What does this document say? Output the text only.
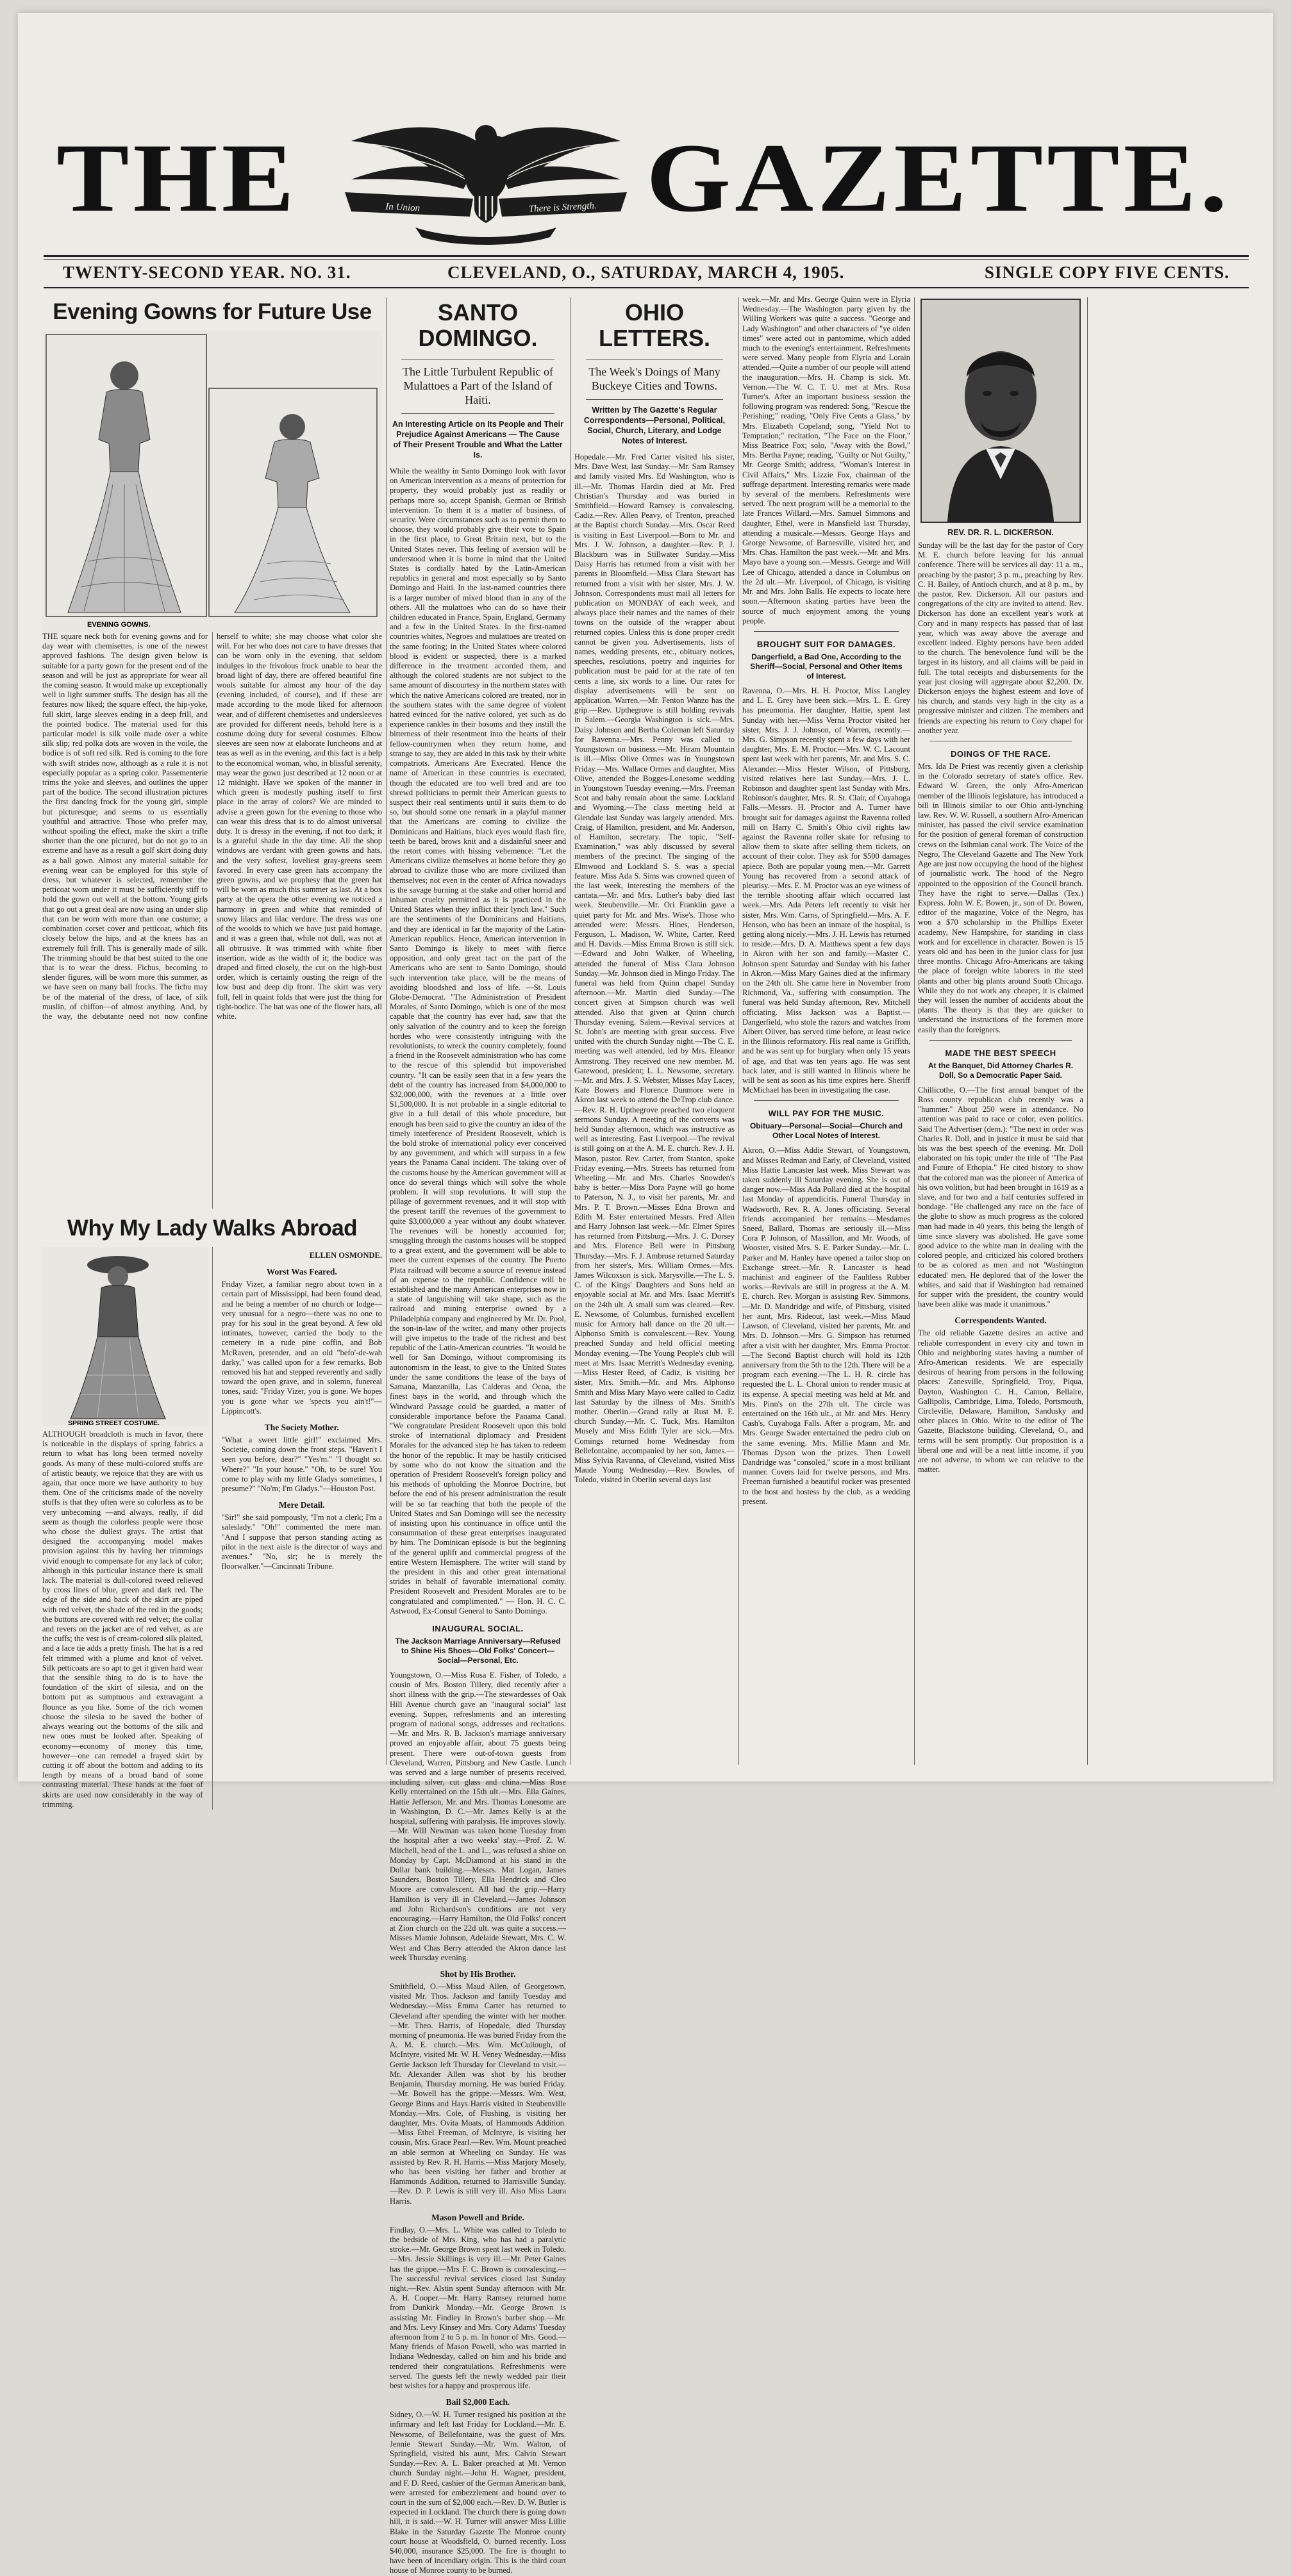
THE	In Union	There is Strength. GAZETTE.
TWENTY-SECOND YEAR. NO. 31.	CLEVELAND, O., SATURDAY, MARCH 4, 1905.	SINGLE COPY FIVE CENTS.
Evening Gowns for Future Use
EVENING GOWNS.

THE square neck both for evening gowns and for day wear with chemisettes, is one of the newest approved fashions. The design given below is suitable for a party gown for the present end of the season and will be just as appropriate for wear all the coming season. It would make up exceptionally well in light summer stuffs. The design has all the features now liked; the square effect, the hip-yoke, full skirt, large sleeves ending in a deep frill, and the pointed bodice. The material used for this particular model is silk voile made over a white silk slip; red polka dots are woven in the voile, the bodice is of soft red silk. Red is coming to the fore with swift strides now, although as a rule it is not especially popular as a spring color. Passementerie trims the yoke and sleeves, and outlines the upper part of the bodice. The second illustration pictures the first dancing frock for the young girl, simple but picturesque; and seems to us essentially youthful and attractive. Those who prefer may, without spoiling the effect, make the skirt a trifle shorter than the one pictured, but do not go to an extreme and have as a result a golf skirt doing duty as a ball gown. Almost any material suitable for evening wear can be employed for this style of dress, but whatever is selected, remember the petticoat worn under it must be sufficiently stiff to hold the gown out well at the bottom. Young girls that go out a great deal are now using an under slip that can be worn with more than one costume; a combination corset cover and petticoat, which fits closely below the hips, and at the knees has an extremely full frill. This is generally made of silk. The trimming should be that best suited to the one that is to wear the dress. Fichus, becoming to slender figures, will be worn more this summer, as we have seen on many ball frocks. The fichu may be of the material of the dress, of lace, of silk muslin, of chiffon—of almost anything. And, by the way, the debutante need not now confine herself to white; she may choose what color she will. For her who does not care to have dresses that can be worn only in the evening, that seldom indulges in the frivolous frock unable to bear the broad light of day, there are offered beautiful fine wools suitable for almost any hour of the day (evening included, of course), and if these are made according to the mode liked for afternoon wear, and of different chemisettes and undersleeves are provided for different needs, behold here is a costume doing duty for several costumes. Elbow sleeves are seen now at elaborate luncheons and at teas as well as in the evening, and this fact is a help to the economical woman, who, in blissful serenity, may wear the gown just described at 12 noon or at 12 midnight. Have we spoken of the manner in which green is modestly pushing itself to first place in the array of colors? We are minded to advise a green gown for the evening to those who can wear this dress that is to do almost universal duty. It is dressy in the evening, if not too dark; it is a grateful shade in the day time. All the shop windows are verdant with green gowns and hats, and the very softest, loveliest gray-greens seem favored. In every case green hats accompany the green gowns, and we prophesy that the green hat will be worn as much this summer as last. At a box party at the opera the other evening we noticed a harmony in green and white that reminded of snowy lilacs and lilac verdure. The dress was one of the woolds to which we have just paid homage, and it was a green that, while not dull, was not at all obtrusive. It was trimmed with white fiber insertion, wide as the width of it; the bodice was draped and fitted closely, the cut on the high-bust order, which is certainly ousting the reign of the low bust and deep dip front. The skirt was very full, fell in quaint folds that were just the thing for tight-bodice. The hat was one of the flower hats, all white.

Why My Lady Walks Abroad
SPRING STREET COSTUME.

ALTHOUGH broadcloth is much in favor, there is noticeable in the displays of spring fabrics a return to what has long been termed novelty goods. As many of these multi-colored stuffs are of artistic beauty, we rejoice that they are with us again, that once more we have authority to buy them. One of the criticisms made of the novelty stuffs is that they often were so colorless as to be very unbecoming —and always, really, if did seem as though the colorless people were those who chose the dullest grays. The artist that designed the accompanying model makes provision against this by having her trimmings vivid enough to compensate for any lack of color; although in this particular instance there is small lack. The material is dull-colored tweed relieved by cross lines of blue, green and dark red. The edge of the side and back of the skirt are piped with red velvet, the shade of the red in the goods; the buttons are covered with red velvet; the collar and revers on the jacket are of red velvet, as are the cuffs; the vest is of cream-colored silk plaited, and a lace tie adds a pretty finish. The hat is a red felt trimmed with a plume and knot of velvet. Silk petticoats are so apt to get it given hard wear that the sensible thing to do is to have the foundation of the skirt of silesia, and on the bottom put as sumptuous and extravagant a flounce as you like. Some of the rich women choose the silesia to be saved the bother of always wearing out the bottoms of the silk and new ones must be looked after. Speaking of economy—economy of money this time, however—one can remodel a frayed skirt by cutting it off about the bottom and adding to its length by means of a broad band of some contrasting material. These bands at the foot of skirts are used now considerably in the way of trimming.

ELLEN OSMONDE.

Worst Was Feared.

Friday Vizer, a familiar negro about town in a certain part of Mississippi, had been found dead, and he being a member of no church or lodge—very unusual for a negro—there was no one to pray for his soul in the great beyond. A few old intimates, however, carried the body to the cemetery in a rude pine coffin, and Bob McRaven, pretender, and an old "befo'-de-wah darky," was called upon for a few remarks. Bob removed his hat and stepped reverently and sadly toward the open grave, and in solemn, funereal tones, said: "Friday Vizer, you is gone. We hopes you is gone whar we 'spects you ain't!"—Lippincott's.

The Society Mother.

"What a sweet little girl!" exclaimed Mrs. Societie, coming down the front steps. "Haven't I seen you before, dear?" "Yes'm." "I thought so. Where?" "In your house." "Oh, to be sure! You come to play with my little Gladys sometimes, I presume?" "No'm; I'm Gladys."—Houston Post.

Mere Detail.

"Sir!" she said pompously, "I'm not a clerk; I'm a saleslady." "Oh!" commented the mere man. "And I suppose that person standing acting as pilot in the next aisle is the director of ways and avenues." "No, sir; he is merely the floorwalker."—Cincinnati Tribune.

SANTO DOMINGO.
The Little Turbulent Republic of Mulattoes a Part of the Island of Haiti.
An Interesting Article on Its People and Their Prejudice Against Americans — The Cause of Their Present Trouble and What the Latter Is.

While the wealthy in Santo Domingo look with favor on American intervention as a means of protection for property, they would probably just as readily or perhaps more so, accept Spanish, German or British intervention. To them it is a matter of business, of security. Were circumstances such as to permit them to choose, they would probably give their vote to Spain in the first place, to Great Britain next, but to the United States never. This feeling of aversion will be understood when it is borne in mind that the United States is cordially hated by the Latin-American republics in general and most especially so by Santo Domingo and Haiti. In the last-named countries there is a larger number of mixed blood than in any of the others. All the mulattoes who can do so have their children educated in France, Spain, England, Germany and a few in the United States. In the first-named countries whites, Negroes and mulattoes are treated on the same footing; in the United States where colored blood is evident or suspected, there is a marked difference in the treatment accorded them, and although the colored students are not subject to the same amount of discourtesy in the northern states with which the native Americans colored are treated, nor in the southern states with the same degree of violent hatred evinced for the native colored, yet such as do experience rankles in their bosoms and they instill the bitterness of their resentment into the hearts of their fellow-countrymen when they return home, and strange to say, they are aided in this task by their white compatriots. Americans Are Execrated. Hence the name of American in these countries is execrated, though the educated are too well bred and are too shrewd politicians to permit their American guests to suspect their real sentiments until it suits them to do so, but should some one remark in a playful manner that the Americans are coming to civilize the Dominicans and Haitians, black eyes would flash fire, teeth be bared, brows knit and a disdainful sneer and the retort comes with hissing vehemence: "Let the Americans civilize themselves at home before they go abroad to civilize those who are more civilized than themselves; not even in the center of Africa nowadays is the savage burning at the stake and other horrid and inhuman cruelty permitted as it is practiced in the United States when they inflict their lynch law." Such are the sentiments of the Dominicans and Haitians, and they are identical in far the majority of the Latin-American republics. Hence, American intervention in Santo Domingo is likely to meet with fierce opposition, and only great tact on the part of the Americans who are sent to Santo Domingo, should such intervention take place, will be the means of avoiding bloodshed and loss of life. —St. Louis Globe-Democrat. "The Administration of President Morales, of Santo Domingo, which is one of the most capable that the country has ever had, saw that the only salvation of the country and to keep the foreign hordes who were consistently intriguing with the revolutionists, to wreck the country completely, found a friend in the Roosevelt administration who has come to the rescue of this splendid but impoverished country. "It can be easily seen that in a few years the debt of the country has increased from $4,000,000 to $32,000,000, with the revenues at a little over $1,500,000. It is not probable in a single editorial to give in a full detail of this whole procedure, but enough has been said to give the country an idea of the timely interference of President Roosevelt, which is the bold stroke of international policy ever conceived by any government, and which will surpass in a few years the Panama Canal incident. The taking over of the customs house by the American government will at once do several things which will solve the whole problem. It will stop revolutions. It will stop the pillage of government revenues, and it will stop with the present tariff the revenues of the government to quite $3,000,000 a year without any doubt whatever. The revenues will be honestly accounted for; smuggling through the customs houses will be stopped to a great extent, and the government will be able to meet the current expenses of the country. The Puerto Plata railroad will become a source of revenue instead of an expense to the republic. Confidence will be established and the many American enterprises now in a state of languishing will take shape, such as the railroad and mining enterprise owned by a Philadelphia company and engineered by Mr. Dr. Pool, the son-in-law of the writer, and many other projects will give impetus to the trade of the richest and best republic of the Latin-American countries. "It would be well for San Domingo, without compromising its autonomism in the least, to give to the United States under the same conditions the lease of the bays of Samana, Manzanilla, Las Calderas and Ocoa, the finest bays in the world, and through which the Windward Passage could be guarded, a matter of considerable importance before the Panama Canal. "We congratulate President Roosevelt upon this bold stroke of international diplomacy and President Morales for the advanced step he has taken to redeem the honor of the republic. It may be hastily criticised by some who do not know the situation and the operation of President Roosevelt's foreign policy and his methods of upholding the Monroe Doctrine, but before the end of his present administration the result will be so far reaching that both the people of the United States and San Domingo will see the necessity of insisting upon his continuance in office until the consummation of these great enterprises inaugurated by him. The Dominican episode is but the beginning of the general uplift and commercial progress of the entire Western Hemisphere. The writer will stand by the president in this and other great international strides in behalf of favorable international comity. President Roosevelt and President Morales are to be congratulated and complimented." — Hon. H. C. C. Astwood, Ex-Consul General to Santo Domingo.

INAUGURAL SOCIAL.
The Jackson Marriage Anniversary—Refused to Shine His Shoes—Old Folks' Concert—Social—Personal, Etc.

Youngstown, O.—Miss Rosa E. Fisher, of Toledo, a cousin of Mrs. Boston Tillery, died recently after a short illness with the grip.—The stewardesses of Oak Hill Avenue church gave an "inaugural social" last evening. Supper, refreshments and an interesting program of national songs, addresses and recitations.—Mr. and Mrs. R. B. Jackson's marriage anniversary proved an enjoyable affair, about 75 guests being present. There were out-of-town guests from Cleveland, Warren, Pittsburg and New Castle. Lunch was served and a large number of presents received, including silver, cut glass and china.—Miss Rose Kelly entertained on the 15th ult.—Mrs. Ella Gaines, Hattie Jefferson, Mr. and Mrs. Thomas Lonesome are in Washington, D. C.—Mr. James Kelly is at the hospital, suffering with paralysis. He improves slowly.—Mr. Will Newman was taken home Tuesday from the hospital after a two weeks' stay.—Prof. Z. W. Mitchell, head of the L. and L., was refused a shine on Monday by Capt. McDiamond at his stand in the Dollar bank building.—Messrs. Mat Logan, James Saunders, Boston Tillery, Ella Hendrick and Cleo Moore are convalescent. All had the grip.—Harry Hamilton is very ill in Cleveland.—James Johnson and John Richardson's conditions are not very encouraging.—Harry Hamilton, the Old Folks' concert at Zion church on the 22d ult. was quite a success.—Misses Mamie Johnson, Adelaide Stewart, Mrs. C. W. West and Chas Berry attended the Akron dance last week Thursday evening.

Shot by His Brother.

Smithfield, O.—Miss Maud Allen, of Georgetown, visited Mr. Thos. Jackson and family Tuesday and Wednesday.—Miss Emma Carter has returned to Cleveland after spending the winter with her mother.—Mr. Theo. Harris, of Hopedale, died Thursday morning of pneumonia. He was buried Friday from the A. M. E. church.—Mrs. Wm. McCullough, of McIntyre, visited Mr. W. H. Veney Wednesday.—Miss Gertie Jackson left Thursday for Cleveland to visit.—Mr. Alexander Allen was shot by his brother Benjamin, Thursday morning. He was buried Friday.—Mr. Bowell has the grippe.—Messrs. Wm. West, George Binns and Hays Harris visited in Steubenville Monday.—Mrs. Cole, of Flushing, is visiting her daughter, Mrs. Ovita Moats, of Hammonds Addition.—Miss Ethel Freeman, of McIntyre, is visiting her cousin, Mrs. Grace Pearl.—Rev. Wm. Mount preached an able sermon at Wheeling on Sunday. He was assisted by Rev. R. H. Harris.—Miss Marjory Mosely, who has been visiting her father and brother at Hammonds Addition, returned to Harrisville Sunday.—Rev. D. P. Lewis is still very ill. Also Miss Laura Harris.

Mason Powell and Bride.

Findlay, O.—Mrs. L. White was called to Toledo to the bedside of Mrs. King, who has had a paralytic stroke.—Mr. George Brown spent last week in Toledo.—Mrs. Jessie Skillings is very ill.—Mr. Peter Gaines has the grippe.—Mrs F. C. Brown is convalescing.—The successful revival services closed last Sunday night.—Rev. Alstin spent Sunday afternoon with Mr. A. H. Cooper.—Mr. Harry Ramsey returned home from Dunkirk Monday.—Mr. George Brown is assisting Mr. Findley in Brown's barber shop.—Mr. and Mrs. Levy Kinsey and Mrs. Cory Adams' Tuesday afternoon from 2 to 5 p. m. In honor of Mrs. Good.—Many friends of Mason Powell, who was married in Indiana Wednesday, called on him and his bride and tendered their congratulations. Refreshments were served. The guests left the newly wedded pair their best wishes for a happy and prosperous life.

Bail $2,000 Each.

Sidney, O.—W. H. Turner resigned his position at the infirmary and left last Friday for Lockland.—Mr. E. Newsome, of Bellefontaine, was the guest of Mrs. Jennie Stewart Sunday.—Mr. Wm. Walton, of Springfield, visited his aunt, Mrs. Calvin Stewart Sunday.—Rev. A. L. Baker preached at Mt. Vernon church Sunday night.—John H. Wagner, president, and F. D. Reed, cashier of the German American bank, were arrested for embezzlement and bound over to court in the sum of $2,000 each.—Rev. D. W. Butler is expected in Lockland. The church there is going down hill, it is said.—W. H. Turner will answer Miss Lillie Blake in the Saturday Gazette The Monroe county court house at Woodsfield, O. burned recently. Loss $40,000, insurance $25,000. The fire is thought to have been of incendiary origin. This is the third court house of Monroe county to be burned.

OHIO LETTERS.
The Week's Doings of Many Buckeye Cities and Towns.
Written by The Gazette's Regular Correspondents—Personal, Political, Social, Church, Literary, and Lodge Notes of Interest.

Hopedale.—Mr. Fred Carter visited his sister, Mrs. Dave West, last Sunday.—Mr. Sam Ramsey and family visited Mrs. Ed Washington, who is ill.—Mr. Thomas Hardin died at Mr. Fred Christian's Thursday and was buried in Smithfield.—Howard Ramsey is convalescing. Cadiz.—Rev. Allen Peavy, of Trenton, preached at the Baptist church Sunday.—Mrs. Oscar Reed is visiting in East Liverpool.—Born to Mr. and Mrs. J. W. Johnson, a daughter.—Rev. P. J. Blackburn was in Stillwater Sunday.—Miss Daisy Harris has returned from a visit with her parents in Bloomfield.—Miss Clara Stewart has returned from a visit with her sister, Mrs. J. W. Johnson. Correspondents must mail all letters for publication on MONDAY of each week, and always place their names and the names of their towns on the outside of the wrapper about returned copies. Unless this is done proper credit cannot be given you. Advertisements, lists of names, wedding presents, etc., obituary notices, speeches, resolutions, poetry and inquiries for publication must be paid for at the rate of ten cents a line, six words to a line. Our rates for display advertisements will be sent on application. Warren.—Mr. Fenton Wanzo has the grip.—Rev. Upthegrove is still holding revivals in Salem.—Georgia Washington is sick.—Mrs. Daisy Johnson and Bertha Coleman left Saturday for Ravenna.—Mrs. Penny was called to Youngstown on business.—Mr. Hiram Mountain is ill.—Miss Olive Ormes was in Youngstown Friday.—Mrs. Wallace Ormes and daughter, Miss Olive, attended the Bogges-Lonesome wedding in Youngstown Tuesday evening.—Mrs. Freeman Scot and baby remain about the same. Lockland and Wyoming.—The class meeting held at Glendale last Sunday was largely attended. Mrs. Craig, of Hamilton, president, and Mr. Anderson, of Hamilton, secretary. The topic, "Self-Examination," was ably discussed by several members of the precinct. The singing of the Elmwood and Lockland S. S. was a special feature. Miss Ada S. Sims was crowned queen of the last week, interesting the members of the cantata.—Mr. and Mrs. Luther's baby died last week. Steubenville.—Mr. Ori Franklin gave a quiet party for Mr. and Mrs. Wise's. Those who attended were: Messrs. Hines, Henderson, Ferguson, L. Madison, W. White, Carter, Reed and H. Davids.—Miss Emma Brown is still sick.—Edward and John Walker, of Wheeling, attended the funeral of Miss Clara Johnson Sunday.—Mr. Johnson died in Mingo Friday. The funeral was held from Quinn chapel Sunday afternoon.—Mr. Martin died Sunday.—The concert given at Simpson church was well attended. Also that given at Quinn church Thursday evening. Salem.—Revival services at St. John's are meeting with great success. Five united with the church Sunday night.—The C. E. meeting was well attended, led by Mrs. Eleanor Armstrong. They received one new member. M. Gatewood, president; L. L. Newsome, secretary.—Mr. and Mrs. J. S. Webster, Misses May Lacey, Kate Bowers and Florence Dunmore were in Akron last week to attend the DeTrop club dance.—Rev. R. H. Upthegrove preached two eloquent sermons Sunday. A meeting of the converts was held Sunday afternoon, which was instructive as well as interesting. East Liverpool.—The revival is still going on at the A. M. E. church. Rev. J. H. Mason, pastor. Rev. Carter, from Stanton, spoke Friday evening.—Mrs. Streets has returned from Wheeling.—Mr. and Mrs. Charles Snowden's baby is better.—Miss Dora Payne will go home to Paterson, N. J., to visit her parents, Mr. and Mrs. P. T. Brown.—Misses Edna Brown and Edith M. Ester entertained Messrs. Fred Allen and Harry Johnson last week.—Mr. Elmer Spires has returned from Pittsburg.—Mrs. J. C. Dorsey and Mrs. Florence Bell were in Pittsburg Thursday.—Mrs. F. J. Ambrose returned Saturday from her sister's, Mrs. William Ormes.—Mrs. James Wilcoxson is sick. Marysville.—The L. S. C. of the Kings' Daughters and Sons held an enjoyable social at Mr. and Mrs. Isaac Merritt's on the 24th ult. A small sum was cleared.—Rev. E. Newsome, of Columbus, furnished excellent music for Armory hall dance on the 20 ult.—Alphonso Smith is convalescent.—Rev. Young preached Sunday and held official meeting Monday evening.—The Young People's club will meet at Mrs. Isaac Merritt's Wednesday evening.—Miss Hester Reed, of Cadiz, is visiting her sister, Mrs. Smith.—Mr. and Mrs. Alphonso Smith and Miss Mary Mayo were called to Cadiz last Saturday by the illness of Mrs. Smith's mother. Oberlin.—Grand rally at Rust M. E. church Sunday.—Mr. C. Tuck, Mrs. Hamilton Mosely and Miss Edith Tyler are sick.—Mrs. Comings returned home Wednesday from Bellefontaine, accompanied by her son, James.—Miss Sylvia Ravanna, of Cleveland, visited Miss Maude Young Wednesday.—Rev. Bowles, of Toledo, visited in Oberlin several days last

week.—Mr. and Mrs. George Quinn were in Elyria Wednesday.—The Washington party given by the Willing Workers was quite a success. "George and Lady Washington" and other characters of "ye olden times" were acted out in pantomime, which added much to the evening's entertainment. Refreshments were served. Many people from Elyria and Lorain attended.—Quite a number of our people will attend the inauguration.—Mrs. H. Champ is sick. Mt. Vernon.—The W. C. T. U. met at Mrs. Rosa Turner's. After an important business session the following program was rendered: Song, "Rescue the Perishing;" reading, "Only Five Cents a Glass," by Mrs. Elizabeth Copeland; song, "Yield Not to Temptation;" recitation, "The Face on the Floor," Miss Beatrice Fox; solo, "Away with the Bowl," Mrs. Bertha Payne; reading, "Guilty or Not Guilty," Mr. George Smith; address, "Woman's Interest in Civil Affairs," Mrs. Lizzie Fox, chairman of the suffrage department. Interesting remarks were made by several of the members. Refreshments were served. The next program will be a memorial to the late Frances Willard.—Mrs. Samuel Simmons and daughter, Ethel, were in Mansfield last Thursday, attending a musicale.—Messrs. George Hays and George Newsome, of Barnesville, visited her, and Mrs. Chas. Hamilton the past week.—Mr. and Mrs. Mayo have a young son.—Messrs. George and Will Lee of Chicago, attended a dance in Columbus on the 2d ult.—Mr. Liverpool, of Chicago, is visiting Mr. and Mrs. John Balls. He expects to locate here soon.—Afternoon skating parties have been the source of much enjoyment among the young people.

BROUGHT SUIT FOR DAMAGES.
Dangerfield, a Bad One, According to the Sheriff—Social, Personal and Other Items of Interest.

Ravenna, O.—Mrs. H. H. Proctor, Miss Langley and L. E. Grey have been sick.—Mrs. L. E. Grey has pneumonia. Her daughter, Hattie, spent last Sunday with her.—Miss Verna Proctor visited her sister, Mrs. J. J. Johnson, of Warren, recently.—Mrs. G. Simpson recently spent a few days with her daughter, Mrs. E. M. Proctor.—Mrs. W. C. Lacount spent last week with her parents, Mr. and Mrs. S. C. Alexander.—Miss Hester Wilson, of Pittsburg, visited relatives here last Sunday.—Mrs. J. L. Robinson and daughter spent last Sunday with Mrs. Robinson's daughter, Mrs. R. St. Clair, of Cuyahoga Falls.—Messrs. H. Proctor and A. Turner have brought suit for damages against the Ravenna rolled mill on Harry C. Smith's Ohio civil rights law against the Ravenna roller skate for refusing to allow them to skate after selling them tickets, on account of their color. They ask for $500 damages apiece. Both are popular young men.—Mr. Garrett Young has recovered from a second attack of pleurisy.—Mrs. E. M. Proctor was an eye witness of the terrible shooting affair which occurred last week.—Mrs. Ada Peters left recently to visit her sister, Mrs. Wm. Carns, of Springfield.—Mrs. A. F. Henson, who has been an inmate of the hospital, is getting along nicely.—Mrs. J. H. Lewis has returned to reside.—Mrs. D. A. Matthews spent a few days in Akron with her son and family.—Master C. Johnson spent Saturday and Sunday with his father in Akron.—Miss Mary Gaines died at the infirmary on the 24th ult. She came here in November from Richmond, Va., suffering with consumption. The funeral was held Sunday afternoon, Rev. Mitchell officiating. Miss Jackson was a Baptist.—Dangerfield, who stole the razors and watches from Albert Oliver, has served time before, at least twice in the Illinois reformatory. His real name is Griffith, and he was sent up for burglary when only 15 years of age, and that was ten years ago. He was sent back later, and is still wanted in Illinois where he will be sent as soon as his time expires here. Sheriff McMichael has been in investigating the case.

WILL PAY FOR THE MUSIC.
Obituary—Personal—Social—Church and Other Local Notes of Interest.

Akron, O.—Miss Addie Stewart, of Youngstown, and Misses Redman and Early, of Cleveland, visited Miss Hattie Lancaster last week. Miss Stewart was taken suddenly ill Saturday evening. She is out of danger now.—Miss Ada Pollard died at the hospital last Monday of appendicitis. Funeral Thursday in Wadsworth, Rev. R. A. Jones officiating. Several friends accompanied her remains.—Mesdames Sneed, Ballard, Thomas are seriously ill.—Miss Cora P. Johnson, of Massillon, and Mr. Woods, of Wooster, visited Mrs. S. E. Parker Sunday.—Mr. L. Parker and M. Hanley have opened a tailor shop on Exchange street.—Mr. R. Lancaster is head machinist and engineer of the Faultless Rubber works.—Revivals are still in progress at the A. M. E. church. Rev. Morgan is assisting Rev. Simmons.—Mr. D. Mandridge and wife, of Pittsburg, visited her aunt, Mrs. Rideout, last week.—Miss Maud Lawson, of Cleveland, visited her parents, Mr. and Mrs. D. Johnson.—Mrs. G. Simpson has returned after a visit with her daughter, Mrs. Emma Proctor.—The Second Baptist church will hold its 12th anniversary from the 5th to the 12th. There will be a program each evening.—The L. H. R. circle has requested the L. L. Choral union to render music at its expense. A special meeting was held at Mr. and Mrs. Pinn's on the 27th ult. The circle was entertained on the 16th ult., at Mr. and Mrs. Henry Cash's, Cuyahoga Falls. After a program, Mr. and Mrs. George Swader entertained the pedro club on the same evening. Mrs. Millie Mann and Mr. Thomas Dyson won the prizes. Then Lowell Dandridge was "consoled," score in a most brilliant manner. Covers laid for twelve persons, and Mrs. Freeman furnished a beautiful rocker was presented to the host and hostess by the club, as a wedding present.

REV. DR. R. L. DICKERSON.

Sunday will be the last day for the pastor of Cory M. E. church before leaving for his annual conference. There will be services all day: 11 a. m., preaching by the pastor; 3 p. m., preaching by Rev. C. H. Bailey, of Antioch church, and at 8 p. m., by the pastor, Rev. Dickerson. All our pastors and congregations of the city are invited to attend. Rev. Dickerson has done an excellent year's work at Cory and in many respects has passed that of last year, which was away above the average and excellent indeed. Eighty persons have been added to the church. The benevolence fund will be the largest in its history, and all claims will be paid in full. The total receipts and disbursements for the year just closing will aggregate about $2,200. Dr. Dickerson enjoys the highest esteem and love of his church, and stands very high in the city as a progressive minister and citizen. The members and friends are expecting his return to Cory chapel for another year.

DOINGS OF THE RACE.

Mrs. Ida De Priest was recently given a clerkship in the Colorado secretary of state's office. Rev. Edward W. Green, the only Afro-American member of the Illinois legislature, has introduced a bill in Illinois similar to our Ohio anti-lynching law. Rev. W. W. Russell, a southern Afro-American minister, has passed the civil service examination for the position of general foreman of construction crews on the Isthmian canal work. The Voice of the Negro, The Cleveland Gazette and The New York Age are just now occupying the hood of the highest of journalistic work. The hood of the Negro appointed to the opposition of the Council branch. They have the right to serve.—Dallas (Tex.) Express. John W. E. Bowen, jr., son of Dr. Bowen, editor of the magazine, Voice of the Negro, has won a $70 scholarship in the Phillips Exeter academy, New Hampshire, for standing in class work and for excellence in character. Bowen is 15 years old and has been in the junior class for just three months. Chicago Afro-Americans are taking the place of foreign white laborers in the steel plants and other big plants around South Chicago. While they do not work any cheaper, it is claimed they will lessen the number of accidents about the plants. The theory is that they are quicker to understand the instructions of the foremen more easily than the foreigners.

MADE THE BEST SPEECH
At the Banquet, Did Attorney Charles R. Doll, So a Democratic Paper Said.

Chillicothe, O.—The first annual banquet of the Ross county republican club recently was a "hummer." About 250 were in attendance. No attention was paid to race or color, even politics. Said The Advertiser (dem.): "The next in order was Charles R. Doll, and in justice it must be said that his was the best speech of the evening. Mr. Doll elaborated on his topic under the title of "The Past and Future of Ethopia." He cited history to show that the colored man was the pioneer of America of his own volition, but had been brought in 1619 as a slave, and for two and a half centuries suffered in bondage. "He challenged any race on the face of the globe to show as much progress as the colored man had made in 40 years, this being the length of time since slavery was abolished. He gave some good advice to the white man in dealing with the colored people, and criticized his colored brothers to be as colored as men and not 'Washington educated' men. He deplored that of the lower the whites, and said that if Washington had remained for supper with the president, the country would have been alike was made it unanimous."

Correspondents Wanted.

The old reliable Gazette desires an active and reliable correspondent in every city and town in Ohio and neighboring states having a number of Afro-American residents. We are especially desirous of hearing from persons in the following places: Zanesville, Springfield, Troy, Piqua, Dayton, Washington C. H., Canton, Bellaire, Gallipolis, Cambridge, Lima, Toledo, Portsmouth, Circleville, Delaware, Hamilton, Sandusky and other places in Ohio. Write to the editor of The Gazette, Blackstone building, Cleveland, O., and terms will be sent promptly. Our proposition is a liberal one and will be a neat little income, if you are not adverse, to whom we can relative to the matter.
